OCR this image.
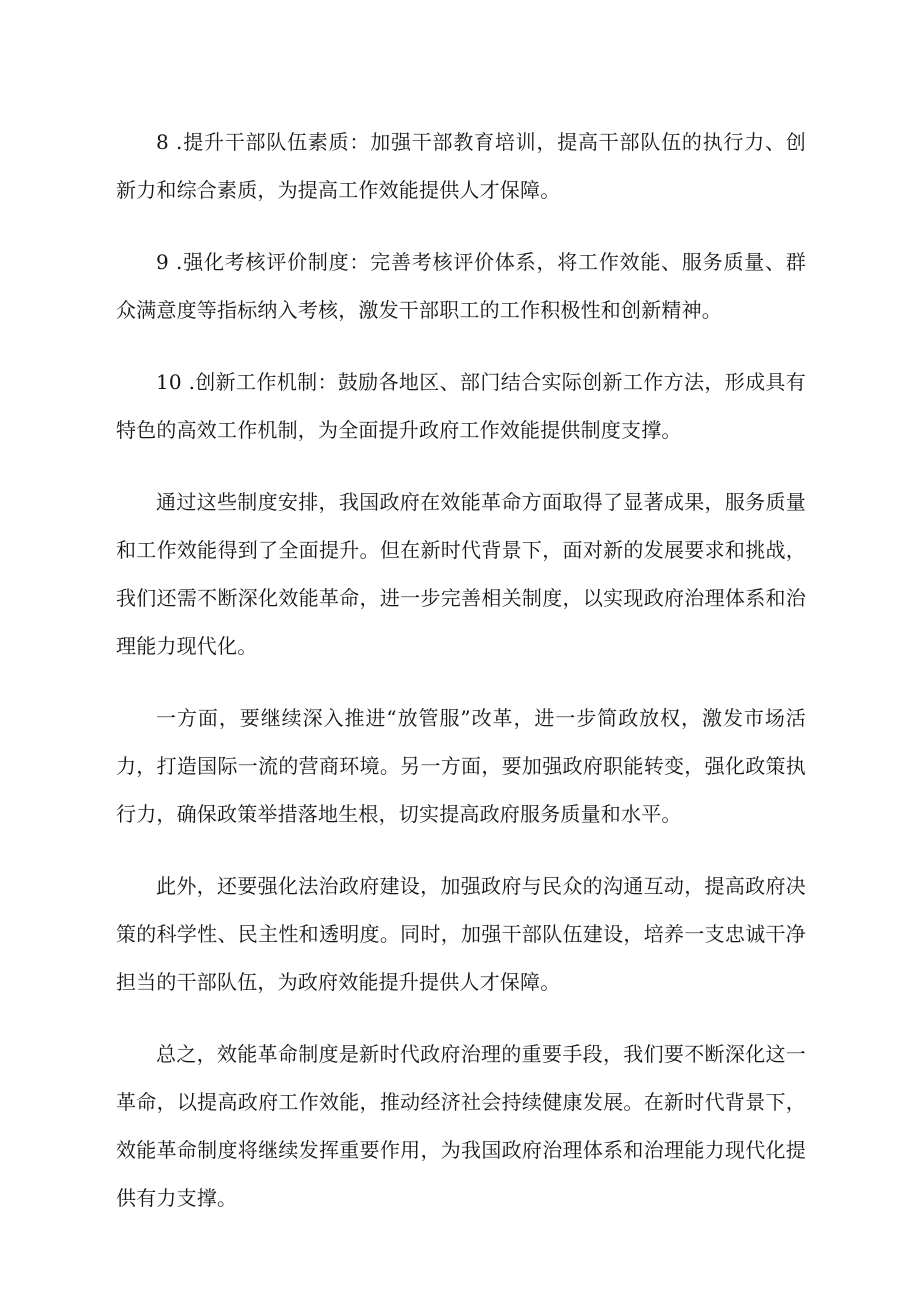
8 .提升干部队伍素质：加强干部教育培训，提高干部队伍的执行力、创新力和综合素质，为提高工作效能提供人才保障。

9 .强化考核评价制度：完善考核评价体系，将工作效能、服务质量、群众满意度等指标纳入考核，激发干部职工的工作积极性和创新精神。

10 .创新工作机制：鼓励各地区、部门结合实际创新工作方法，形成具有特色的高效工作机制，为全面提升政府工作效能提供制度支撑。

通过这些制度安排，我国政府在效能革命方面取得了显著成果，服务质量和工作效能得到了全面提升。但在新时代背景下，面对新的发展要求和挑战，我们还需不断深化效能革命，进一步完善相关制度，以实现政府治理体系和治理能力现代化。

一方面，要继续深入推进“放管服”改革，进一步简政放权，激发市场活力，打造国际一流的营商环境。另一方面，要加强政府职能转变，强化政策执行力，确保政策举措落地生根，切实提高政府服务质量和水平。

此外，还要强化法治政府建设，加强政府与民众的沟通互动，提高政府决策的科学性、民主性和透明度。同时，加强干部队伍建设，培养一支忠诚干净担当的干部队伍，为政府效能提升提供人才保障。

总之，效能革命制度是新时代政府治理的重要手段，我们要不断深化这一革命，以提高政府工作效能，推动经济社会持续健康发展。在新时代背景下，效能革命制度将继续发挥重要作用，为我国政府治理体系和治理能力现代化提供有力支撑。
